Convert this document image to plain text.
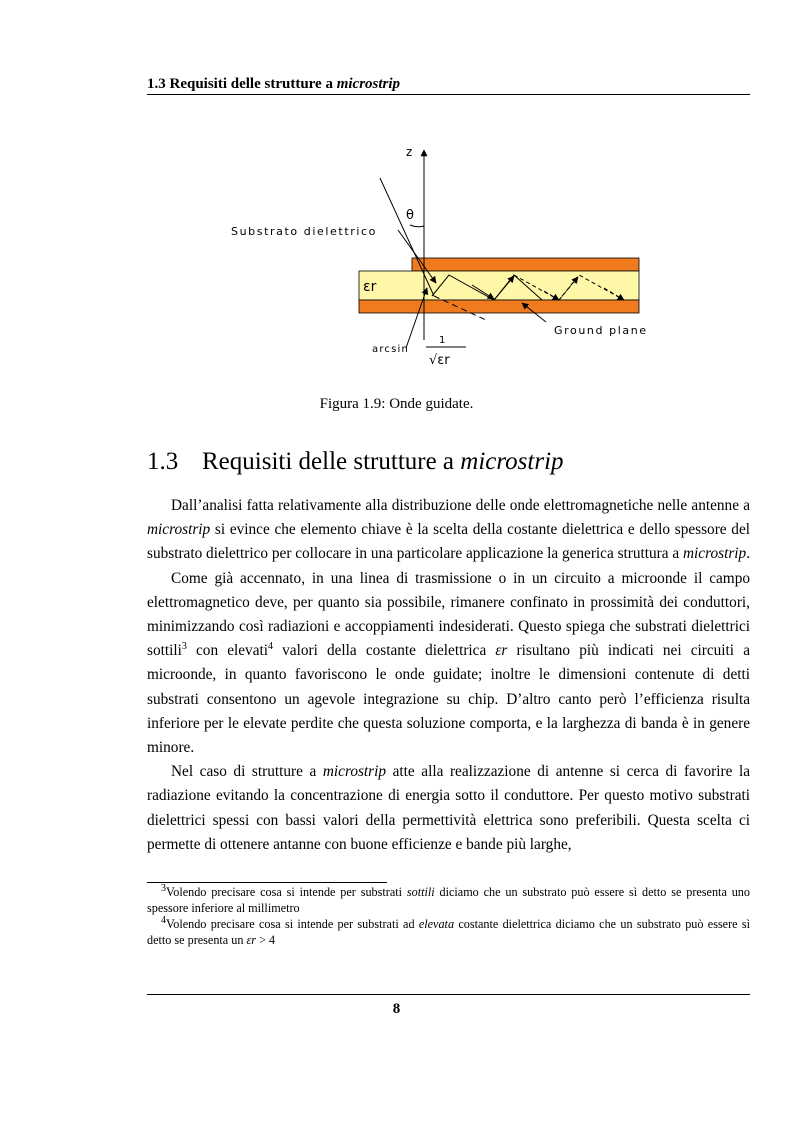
1.3 Requisiti delle strutture a microstrip
z
θ
Substrato dielettrico
εr
Ground plane
arcsin
1
√εr
Figura 1.9: Onde guidate.
1.3 Requisiti delle strutture a microstrip

Dall’analisi fatta relativamente alla distribuzione delle onde elettromagnetiche nelle antenne a microstrip si evince che elemento chiave è la scelta della costante dielettrica e dello spessore del substrato dielettrico per collocare in una particolare applicazione la generica struttura a microstrip.

Come già accennato, in una linea di trasmissione o in un circuito a microonde il campo elettromagnetico deve, per quanto sia possibile, rimanere confinato in prossimità dei conduttori, minimizzando così radiazioni e accoppiamenti indesiderati. Questo spiega che substrati dielettrici sottili$^3$ con elevati$^4$ valori della costante dielettrica εr risultano più indicati nei circuiti a microonde, in quanto favoriscono le onde guidate; inoltre le dimensioni contenute di detti substrati consentono un agevole integrazione su chip. D’altro canto però l’efficienza risulta inferiore per le elevate perdite che questa soluzione comporta, e la larghezza di banda è in genere minore.

Nel caso di strutture a microstrip atte alla realizzazione di antenne si cerca di favorire la radiazione evitando la concentrazione di energia sotto il conduttore. Per questo motivo substrati dielettrici spessi con bassi valori della permettività elettrica sono preferibili. Questa scelta ci permette di ottenere antanne con buone efficienze e bande più larghe,

$^3$Volendo precisare cosa si intende per substrati sottili diciamo che un substrato può essere sì detto se presenta uno spessore inferiore al millimetro

$^4$Volendo precisare cosa si intende per substrati ad elevata costante dielettrica diciamo che un substrato può essere sì detto se presenta un εr > 4

8
